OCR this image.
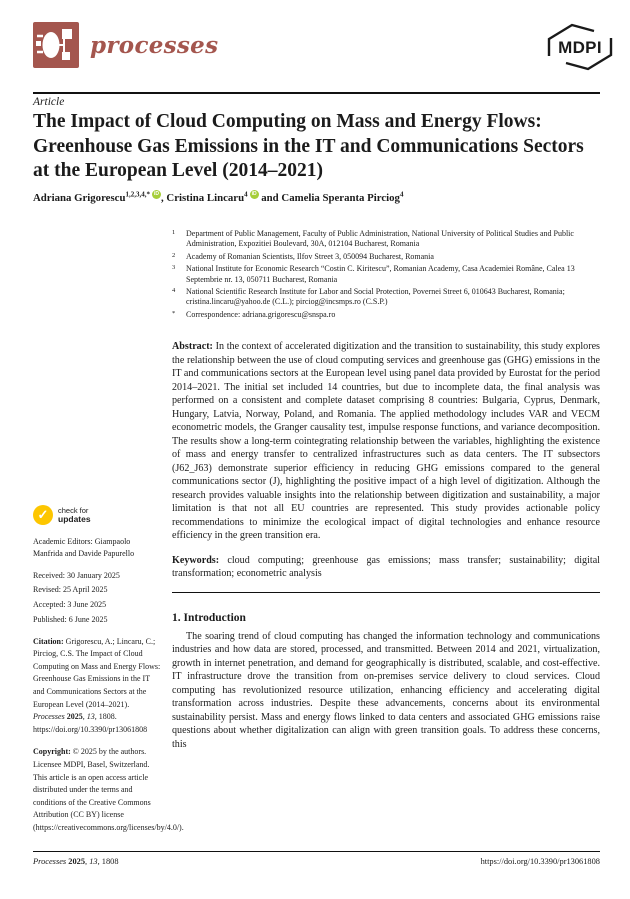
processes	MDPI
Article
The Impact of Cloud Computing on Mass and Energy Flows: Greenhouse Gas Emissions in the IT and Communications Sectors at the European Level (2014–2021)
Adriana Grigorescu$^{1,2,3,4,*}$ iD , Cristina Lincaru$^4$iD and Camelia Speranta Pirciog$^4$
✓
check for
updates
Academic Editors: Giampaolo Manfrida and Davide Papurello
Received: 30 January 2025
Revised: 25 April 2025
Accepted: 3 June 2025
Published: 6 June 2025
Citation: Grigorescu, A.; Lincaru, C.; Pirciog, C.S. The Impact of Cloud Computing on Mass and Energy Flows: Greenhouse Gas Emissions in the IT and Communications Sectors at the European Level (2014–2021). Processes 2025, 13, 1808. https://doi.org/10.3390/pr13061808
Copyright: © 2025 by the authors. Licensee MDPI, Basel, Switzerland. This article is an open access article distributed under the terms and conditions of the Creative Commons Attribution (CC BY) license (https://creativecommons.org/licenses/by/4.0/).
1 Department of Public Management, Faculty of Public Administration, National University of Political Studies and Public Administration, Expozitiei Boulevard, 30A, 012104 Bucharest, Romania
2 Academy of Romanian Scientists, Ilfov Street 3, 050094 Bucharest, Romania
3 National Institute for Economic Research “Costin C. Kiritescu”, Romanian Academy, Casa Academiei Române, Calea 13 Septembrie nr. 13, 050711 Bucharest, Romania
4 National Scientific Research Institute for Labor and Social Protection, Povernei Street 6, 010643 Bucharest, Romania; cristina.lincaru@yahoo.de (C.L.); pirciog@incsmps.ro (C.S.P.)
* Correspondence: adriana.grigorescu@snspa.ro
Abstract: In the context of accelerated digitization and the transition to sustainability, this study explores the relationship between the use of cloud computing services and greenhouse gas (GHG) emissions in the IT and communications sectors at the European level using panel data provided by Eurostat for the period 2014–2021. The initial set included 14 countries, but due to incomplete data, the final analysis was performed on a consistent and complete dataset comprising 8 countries: Bulgaria, Cyprus, Denmark, Hungary, Latvia, Norway, Poland, and Romania. The applied methodology includes VAR and VECM econometric models, the Granger causality test, impulse response functions, and variance decomposition. The results show a long-term cointegrating relationship between the variables, highlighting the existence of mass and energy transfer to centralized infrastructures such as data centers. The IT subsectors (J62_J63) demonstrate superior efficiency in reducing GHG emissions compared to the general communications sector (J), highlighting the positive impact of a high level of digitization. Although the research provides valuable insights into the relationship between digitization and sustainability, a major limitation is that not all EU countries are represented. This study provides actionable policy recommendations to minimize the ecological impact of digital technologies and enhance resource efficiency in the green transition era.
Keywords: cloud computing; greenhouse gas emissions; mass transfer; sustainability; digital transformation; econometric analysis
1. Introduction
The soaring trend of cloud computing has changed the information technology and communications industries and how data are stored, processed, and transmitted. Between 2014 and 2021, virtualization, growth in internet penetration, and demand for geographically is distributed, scalable, and cost-effective. IT infrastructure drove the transition from on-premises service delivery to cloud services. Cloud computing has revolutionized resource utilization, enhancing efficiency and accelerating digital transformation across industries. Despite these advancements, concerns about its environmental sustainability persist. Mass and energy flows linked to data centers and associated GHG emissions raise questions about whether digitalization can align with green transition goals. To address these concerns, this
Processes 2025, 13, 1808	https://doi.org/10.3390/pr13061808
